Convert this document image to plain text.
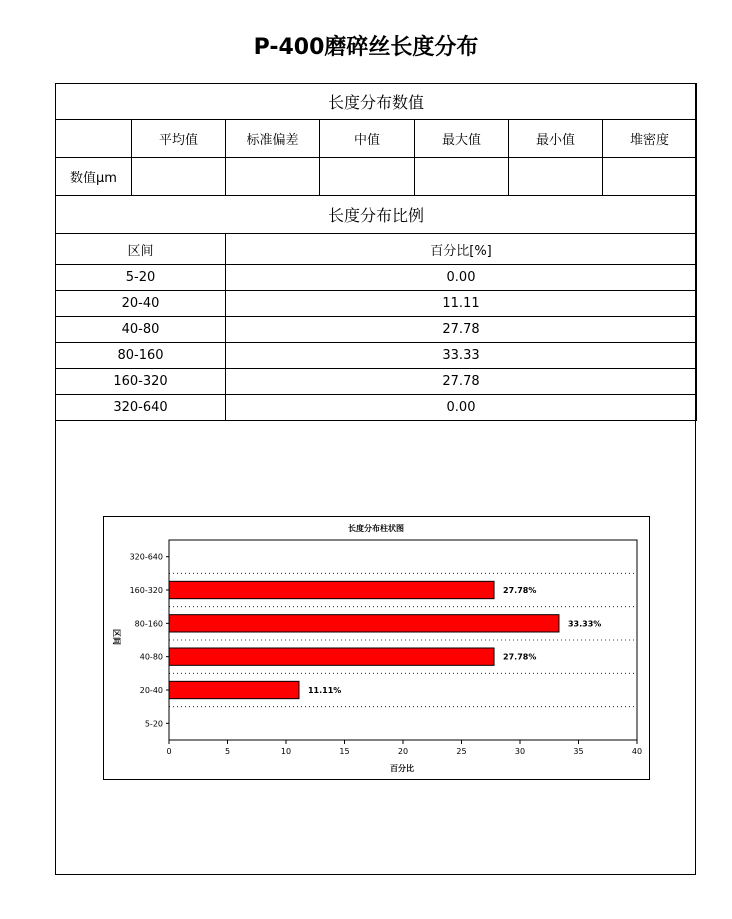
P-400磨碎丝长度分布
长度分布数值						
	平均值	标准偏差	中值	最大值	最小值	堆密度
数值μm						
长度分布比例						
区间		百分比[%]				
5-20		0.00				
20-40		11.11				
40-80		27.78				
80-160		33.33				
160-320		27.78				
320-640		0.00				
长度分布柱状图
百分比
区间
0	5	10	15	20	25	30	35	40
5-20
20-40	11.11%
40-80	27.78%
80-160	33.33%
160-320	27.78%
320-640
